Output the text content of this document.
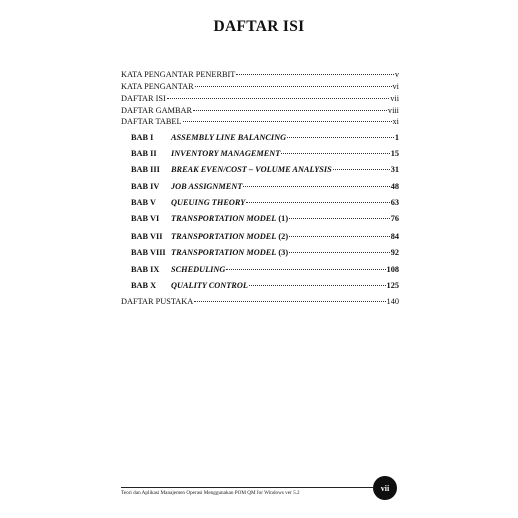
DAFTAR ISI
KATA PENGANTAR PENERBIT	v
KATA PENGANTAR	vi
DAFTAR ISI	vii
DAFTAR GAMBAR	viii
DAFTAR TABEL	xi
BAB I	ASSEMBLY LINE BALANCING	1
BAB II	INVENTORY MANAGEMENT	15
BAB III	BREAK EVEN/COST – VOLUME ANALYSIS	31
BAB IV	JOB ASSIGNMENT	48
BAB V	QUEUING THEORY	63
BAB VI	TRANSPORTATION MODEL (1)	76
BAB VII	TRANSPORTATION MODEL (2)	84
BAB VIII TRANSPORTATION MODEL (3)	92
BAB IX	SCHEDULING	108
BAB X	QUALITY CONTROL	125
DAFTAR PUSTAKA	140
Teori dan Aplikasi Manajemen Operasi Menggunakan POM QM for Windows ver 5.2
vii
